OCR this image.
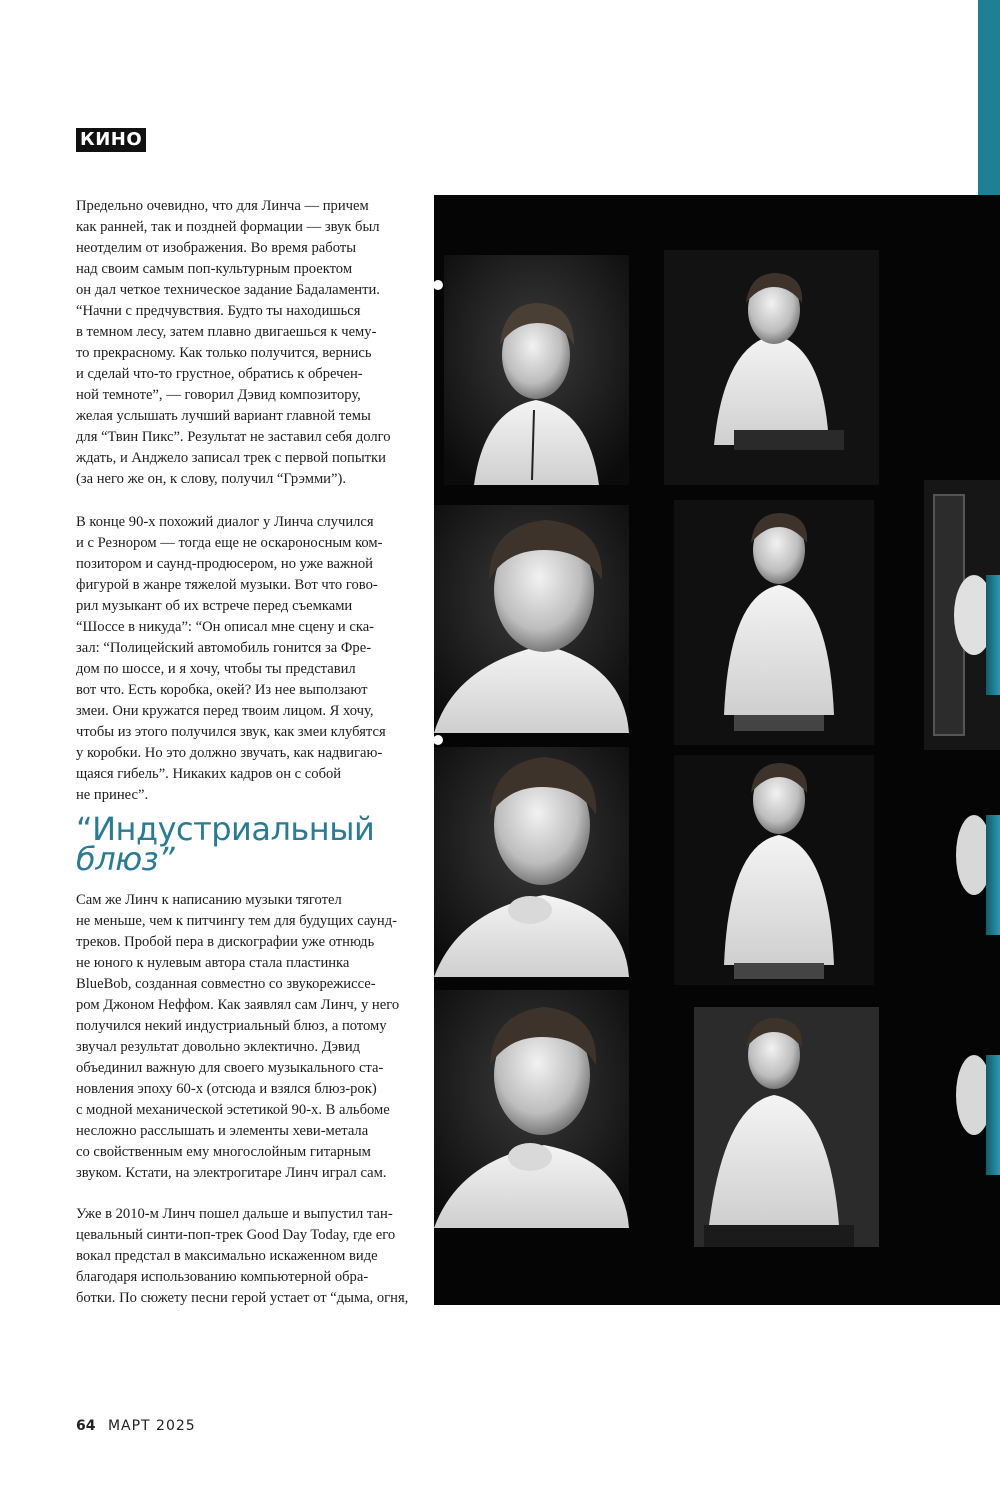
КИНО

Предельно очевидно, что для Линча — причем
как ранней, так и поздней формации — звук был
неотделим от изображения. Во время работы
над своим самым поп-культурным проектом
он дал четкое техническое задание Бадаламенти.
“Начни с предчувствия. Будто ты находишься
в темном лесу, затем плавно двигаешься к чему-
то прекрасному. Как только получится, вернись
и сделай что-то грустное, обратись к обречен-
ной темноте”, — говорил Дэвид композитору,
желая услышать лучший вариант главной темы
для “Твин Пикс”. Результат не заставил себя долго
ждать, и Анджело записал трек с первой попытки
(за него же он, к слову, получил “Грэмми”).

В конце 90-х похожий диалог у Линча случился
и с Резнором — тогда еще не оскароносным ком-
позитором и саунд-продюсером, но уже важной
фигурой в жанре тяжелой музыки. Вот что гово-
рил музыкант об их встрече перед съемками
“Шоссе в никуда”: “Он описал мне сцену и ска-
зал: “Полицейский автомобиль гонится за Фре-
дом по шоссе, и я хочу, чтобы ты представил
вот что. Есть коробка, окей? Из нее выползают
змеи. Они кружатся перед твоим лицом. Я хочу,
чтобы из этого получился звук, как змеи клубятся
у коробки. Но это должно звучать, как надвигаю-
щаяся гибель”. Никаких кадров он с собой
не принес”.

“Индустриальный
блюз”

Сам же Линч к написанию музыки тяготел
не меньше, чем к питчингу тем для будущих саунд-
треков. Пробой пера в дискографии уже отнюдь
не юного к нулевым автора стала пластинка
BlueBob, созданная совместно со звукорежиссе-
ром Джоном Неффом. Как заявлял сам Линч, у него
получился некий индустриальный блюз, а потому
звучал результат довольно эклектично. Дэвид
объединил важную для своего музыкального ста-
новления эпоху 60-х (отсюда и взялся блюз-рок)
с модной механической эстетикой 90-х. В альбоме
несложно расслышать и элементы хеви-метала
со свойственным ему многослойным гитарным
звуком. Кстати, на электрогитаре Линч играл сам.

Уже в 2010-м Линч пошел дальше и выпустил тан-
цевальный синти-поп-трек Good Day Today, где его
вокал предстал в максимально искаженном виде
благодаря использованию компьютерной обра-
ботки. По сюжету песни герой устает от “дыма, огня,

64 МАРТ 2025
